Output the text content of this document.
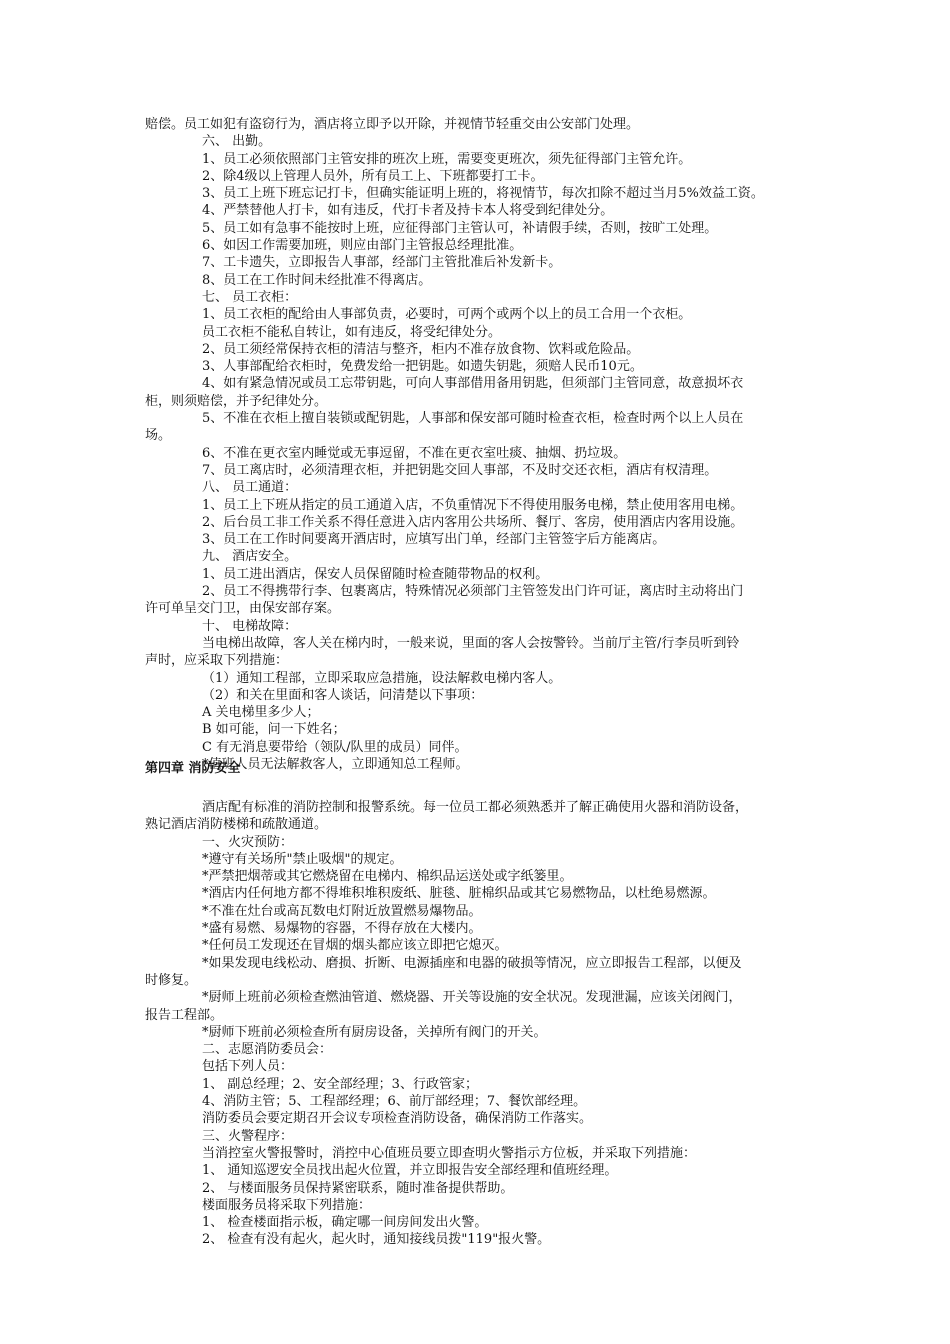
赔偿。员工如犯有盗窃行为，酒店将立即予以开除，并视情节轻重交由公安部门处理。
六、 出勤。
1、员工必须依照部门主管安排的班次上班，需要变更班次，须先征得部门主管允许。
2、除4级以上管理人员外，所有员工上、下班都要打工卡。
3、员工上班下班忘记打卡，但确实能证明上班的，将视情节，每次扣除不超过当月5%效益工资。
4、严禁替他人打卡，如有违反，代打卡者及持卡本人将受到纪律处分。
5、员工如有急事不能按时上班，应征得部门主管认可，补请假手续，否则，按旷工处理。
6、如因工作需要加班，则应由部门主管报总经理批准。
7、工卡遗失，立即报告人事部，经部门主管批准后补发新卡。
8、员工在工作时间未经批准不得离店。
七、 员工衣柜：
1、员工衣柜的配给由人事部负责，必要时，可两个或两个以上的员工合用一个衣柜。
员工衣柜不能私自转让，如有违反，将受纪律处分。
2、员工须经常保持衣柜的清洁与整齐，柜内不准存放食物、饮料或危险品。
3、人事部配给衣柜时，免费发给一把钥匙。如遗失钥匙，须赔人民币10元。
4、如有紧急情况或员工忘带钥匙，可向人事部借用备用钥匙，但须部门主管同意，故意损坏衣
柜，则须赔偿，并予纪律处分。
5、不准在衣柜上擅自装锁或配钥匙，人事部和保安部可随时检查衣柜，检查时两个以上人员在
场。
6、不准在更衣室内睡觉或无事逗留，不准在更衣室吐痰、抽烟、扔垃圾。
7、员工离店时，必须清理衣柜，并把钥匙交回人事部，不及时交还衣柜，酒店有权清理。
八、 员工通道：
1、员工上下班从指定的员工通道入店，不负重情况下不得使用服务电梯，禁止使用客用电梯。
2、后台员工非工作关系不得任意进入店内客用公共场所、餐厅、客房，使用酒店内客用设施。
3、员工在工作时间要离开酒店时，应填写出门单，经部门主管签字后方能离店。
九、 酒店安全。
1、员工进出酒店，保安人员保留随时检查随带物品的权利。
2、员工不得携带行李、包裹离店，特殊情况必须部门主管签发出门许可证，离店时主动将出门
许可单呈交门卫，由保安部存案。
十、 电梯故障：
当电梯出故障，客人关在梯内时，一般来说，里面的客人会按警铃。当前厅主管/行李员听到铃
声时，应采取下列措施：
（1）通知工程部，立即采取应急措施，设法解救电梯内客人。
（2）和关在里面和客人谈话，问清楚以下事项：
A 关电梯里多少人；
B 如可能，问一下姓名；
C 有无消息要带给（领队/队里的成员）同伴。
*值班人员无法解救客人，立即通知总工程师。
第四章 消防安全
酒店配有标准的消防控制和报警系统。每一位员工都必须熟悉并了解正确使用火器和消防设备，
熟记酒店消防楼梯和疏散通道。
一、火灾预防：
*遵守有关场所"禁止吸烟"的规定。
*严禁把烟蒂或其它燃烧留在电梯内、棉织品运送处或字纸篓里。
*酒店内任何地方都不得堆积堆积废纸、脏毯、脏棉织品或其它易燃物品，以杜绝易燃源。
*不准在灶台或高瓦数电灯附近放置燃易爆物品。
*盛有易燃、易爆物的容器，不得存放在大楼内。
*任何员工发现还在冒烟的烟头都应该立即把它熄灭。
*如果发现电线松动、磨损、折断、电源插座和电器的破损等情况，应立即报告工程部，以便及
时修复。
*厨师上班前必须检查燃油管道、燃烧器、开关等设施的安全状况。发现泄漏，应该关闭阀门，
报告工程部。
*厨师下班前必须检查所有厨房设备，关掉所有阀门的开关。
二、志愿消防委员会：
包括下列人员：
1、 副总经理；2、安全部经理；3、行政管家；
4、消防主管；5、工程部经理；6、前厅部经理；7、餐饮部经理。
消防委员会要定期召开会议专项检查消防设备，确保消防工作落实。
三、火警程序：
当消控室火警报警时，消控中心值班员要立即查明火警指示方位板，并采取下列措施：
1、 通知巡逻安全员找出起火位置，并立即报告安全部经理和值班经理。
2、 与楼面服务员保持紧密联系，随时准备提供帮助。
楼面服务员将采取下列措施：
1、 检查楼面指示板，确定哪一间房间发出火警。
2、 检查有没有起火，起火时，通知接线员拨"119"报火警。
